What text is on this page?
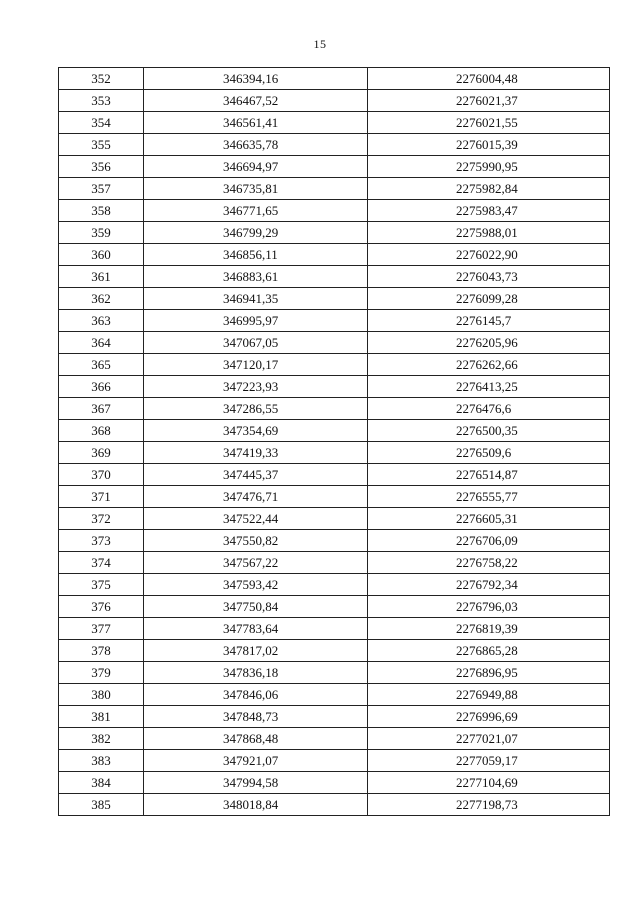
15
352	346394,16	2276004,48
353	346467,52	2276021,37
354	346561,41	2276021,55
355	346635,78	2276015,39
356	346694,97	2275990,95
357	346735,81	2275982,84
358	346771,65	2275983,47
359	346799,29	2275988,01
360	346856,11	2276022,90
361	346883,61	2276043,73
362	346941,35	2276099,28
363	346995,97	2276145,7
364	347067,05	2276205,96
365	347120,17	2276262,66
366	347223,93	2276413,25
367	347286,55	2276476,6
368	347354,69	2276500,35
369	347419,33	2276509,6
370	347445,37	2276514,87
371	347476,71	2276555,77
372	347522,44	2276605,31
373	347550,82	2276706,09
374	347567,22	2276758,22
375	347593,42	2276792,34
376	347750,84	2276796,03
377	347783,64	2276819,39
378	347817,02	2276865,28
379	347836,18	2276896,95
380	347846,06	2276949,88
381	347848,73	2276996,69
382	347868,48	2277021,07
383	347921,07	2277059,17
384	347994,58	2277104,69
385	348018,84	2277198,73
